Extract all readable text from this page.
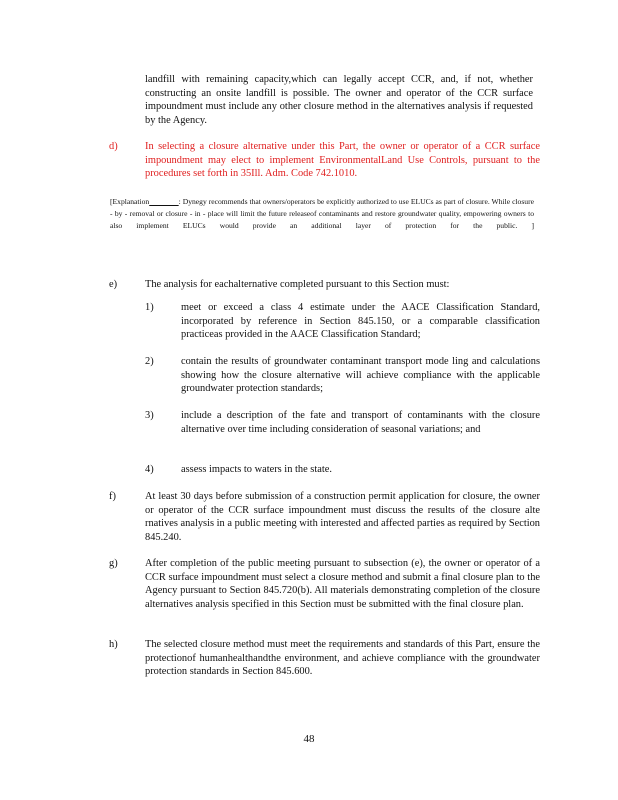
landfill with remaining capacity,which can legally accept CCR, and, if not, whether constructing an onsite landfill is possible. The owner and operator of the CCR surface impoundment must include any other closure method in the alternatives analysis if requested by the Agency.
d)	In selecting a closure alternative under this Part, the owner or operator of a CCR surface impoundment may elect to implement EnvironmentalLand Use Controls, pursuant to the procedures set forth in 35Ill. Adm. Code 742.1010.
[Explanation	: Dynegy recommends that owners/operators be explicitly authorized to use ELUCs as part of closure. While closure - by - removal or closure - in - place will limit the future releaseof contaminants and restore groundwater quality, empowering owners to also implement ELUCs would provide an additional layer of protection for the public. ]
e)	The analysis for eachalternative completed pursuant to this Section must:
1)	meet or exceed a class 4 estimate under the AACE Classification Standard, incorporated by reference in Section 845.150, or a comparable classification practiceas provided in the AACE Classification Standard;
2)	contain the results of groundwater contaminant transport mode ling and calculations showing how the closure alternative will achieve compliance with the applicable groundwater protection standards;
3)	include a description of the fate and transport of contaminants with the closure alternative over time including consideration of seasonal variations; and
4)	assess impacts to waters in the state.
f)	At least 30 days before submission of a construction permit application for closure, the owner or operator of the CCR surface impoundment must discuss the results of the closure alte rnatives analysis in a public meeting with interested and affected parties as required by Section 845.240.
g)	After completion of the public meeting pursuant to subsection (e), the owner or operator of a CCR surface impoundment must select a closure method and submit a final closure plan to the Agency pursuant to Section 845.720(b). All materials demonstrating completion of the closure alternatives analysis specified in this Section must be submitted with the final closure plan.
h)	The selected closure method must meet the requirements and standards of this Part, ensure the protectionof humanhealthandthe environment, and achieve compliance with the groundwater protection standards in Section 845.600.
48
